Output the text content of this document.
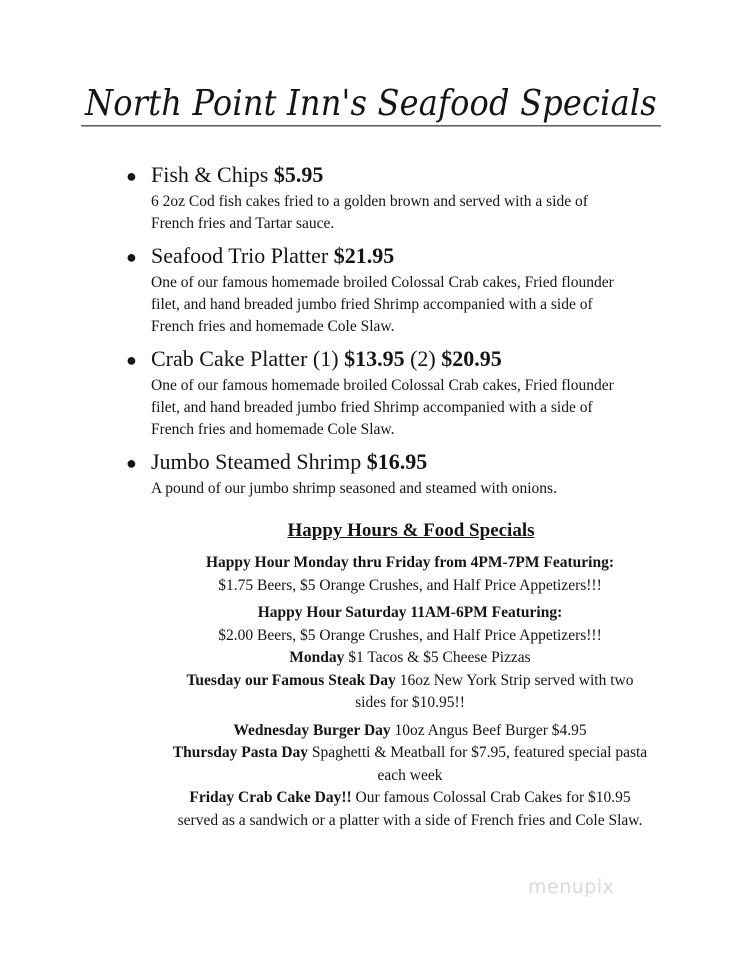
North Point Inn's Seafood Specials
● Fish & Chips
$5.95
6 2oz Cod fish cakes fried to a golden brown and served with a side of
French fries and Tartar sauce.
● Seafood Trio Platter
$21.95
One of our famous homemade broiled Colossal Crab cakes, Fried flounder
filet, and hand breaded jumbo fried Shrimp accompanied with a side of
French fries and homemade Cole Slaw.
● Crab Cake Platter
(1)
$13.95
(2)
$20.95
One of our famous homemade broiled Colossal Crab cakes, Fried flounder
filet, and hand breaded jumbo fried Shrimp accompanied with a side of
French fries and homemade Cole Slaw.
● Jumbo Steamed Shrimp
$16.95
A pound of our jumbo shrimp seasoned and steamed with onions.
Happy Hours & Food Specials
Happy Hour Monday thru Friday from 4PM-7PM Featuring:
$1.75 Beers, $5 Orange Crushes, and Half Price Appetizers!!!
Happy Hour Saturday 11AM-6PM Featuring:
$2.00 Beers, $5 Orange Crushes, and Half Price Appetizers!!!
Monday $1 Tacos & $5 Cheese Pizzas
Tuesday our Famous Steak Day 16oz New York Strip served with two
sides for $10.95!!
Wednesday Burger Day 10oz Angus Beef Burger $4.95
Thursday Pasta Day Spaghetti & Meatball for $7.95, featured special pasta
each week
Friday Crab Cake Day!! Our famous Colossal Crab Cakes for $10.95
served as a sandwich or a platter with a side of French fries and Cole Slaw.
menupix
